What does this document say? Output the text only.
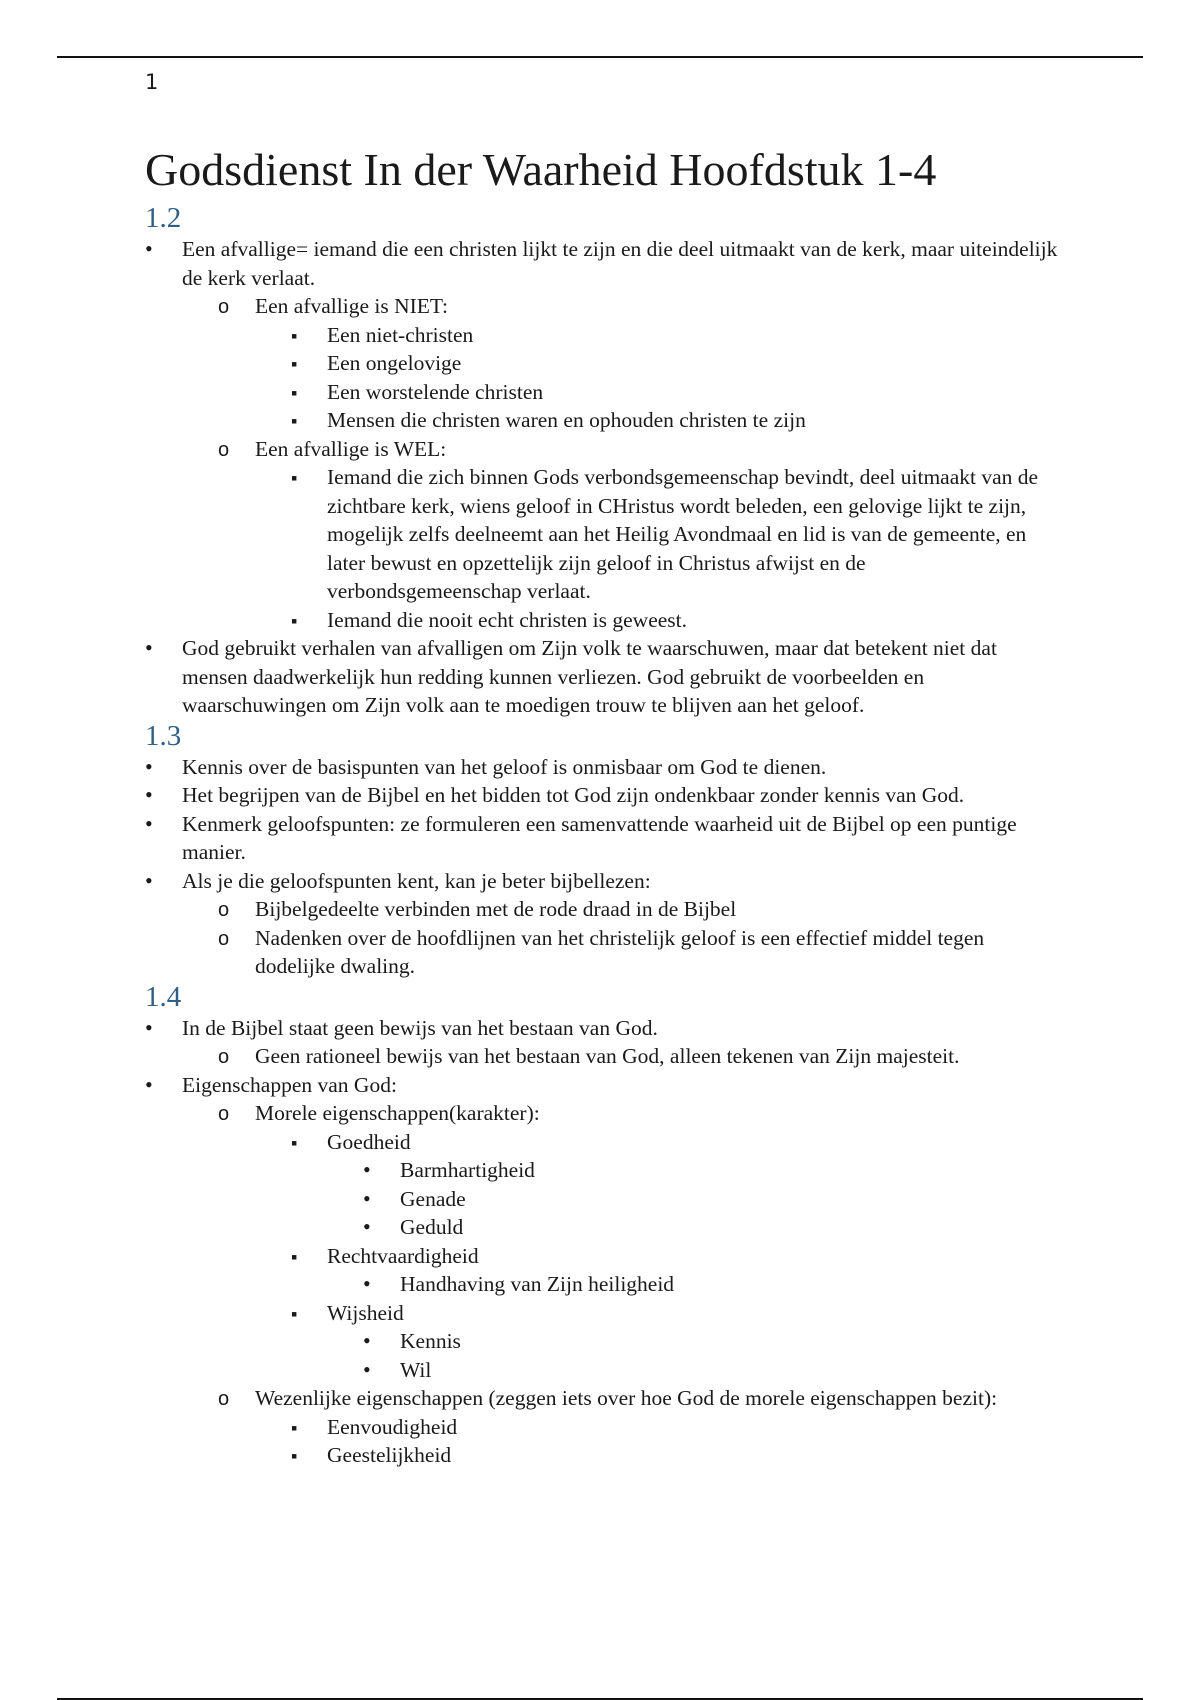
1
Godsdienst In der Waarheid Hoofdstuk 1-4
1.2
•
Een afvallige= iemand die een christen lijkt te zijn en die deel uitmaakt van de kerk, maar uiteindelijk de kerk verlaat.
o
Een afvallige is NIET:
▪
Een niet-christen
▪
Een ongelovige
▪
Een worstelende christen
▪
Mensen die christen waren en ophouden christen te zijn
o
Een afvallige is WEL:
▪
Iemand die zich binnen Gods verbondsgemeenschap bevindt, deel uitmaakt van de zichtbare kerk, wiens geloof in CHristus wordt beleden, een gelovige lijkt te zijn, mogelijk zelfs deelneemt aan het Heilig Avondmaal en lid is van de gemeente, en later bewust en opzettelijk zijn geloof in Christus afwijst en de verbondsgemeenschap verlaat.
▪
Iemand die nooit echt christen is geweest.
•
God gebruikt verhalen van afvalligen om Zijn volk te waarschuwen, maar dat betekent niet dat mensen daadwerkelijk hun redding kunnen verliezen. God gebruikt de voorbeelden en waarschuwingen om Zijn volk aan te moedigen trouw te blijven aan het geloof.
1.3
•
Kennis over de basispunten van het geloof is onmisbaar om God te dienen.
•
Het begrijpen van de Bijbel en het bidden tot God zijn ondenkbaar zonder kennis van God.
•
Kenmerk geloofspunten: ze formuleren een samenvattende waarheid uit de Bijbel op een puntige manier.
•
Als je die geloofspunten kent, kan je beter bijbellezen:
o
Bijbelgedeelte verbinden met de rode draad in de Bijbel
o
Nadenken over de hoofdlijnen van het christelijk geloof is een effectief middel tegen dodelijke dwaling.
1.4
•
In de Bijbel staat geen bewijs van het bestaan van God.
o
Geen rationeel bewijs van het bestaan van God, alleen tekenen van Zijn majesteit.
•
Eigenschappen van God:
o
Morele eigenschappen(karakter):
▪
Goedheid
•
Barmhartigheid
•
Genade
•
Geduld
▪
Rechtvaardigheid
•
Handhaving van Zijn heiligheid
▪
Wijsheid
•
Kennis
•
Wil
o
Wezenlijke eigenschappen (zeggen iets over hoe God de morele eigenschappen bezit):
▪
Eenvoudigheid
▪
Geestelijkheid
